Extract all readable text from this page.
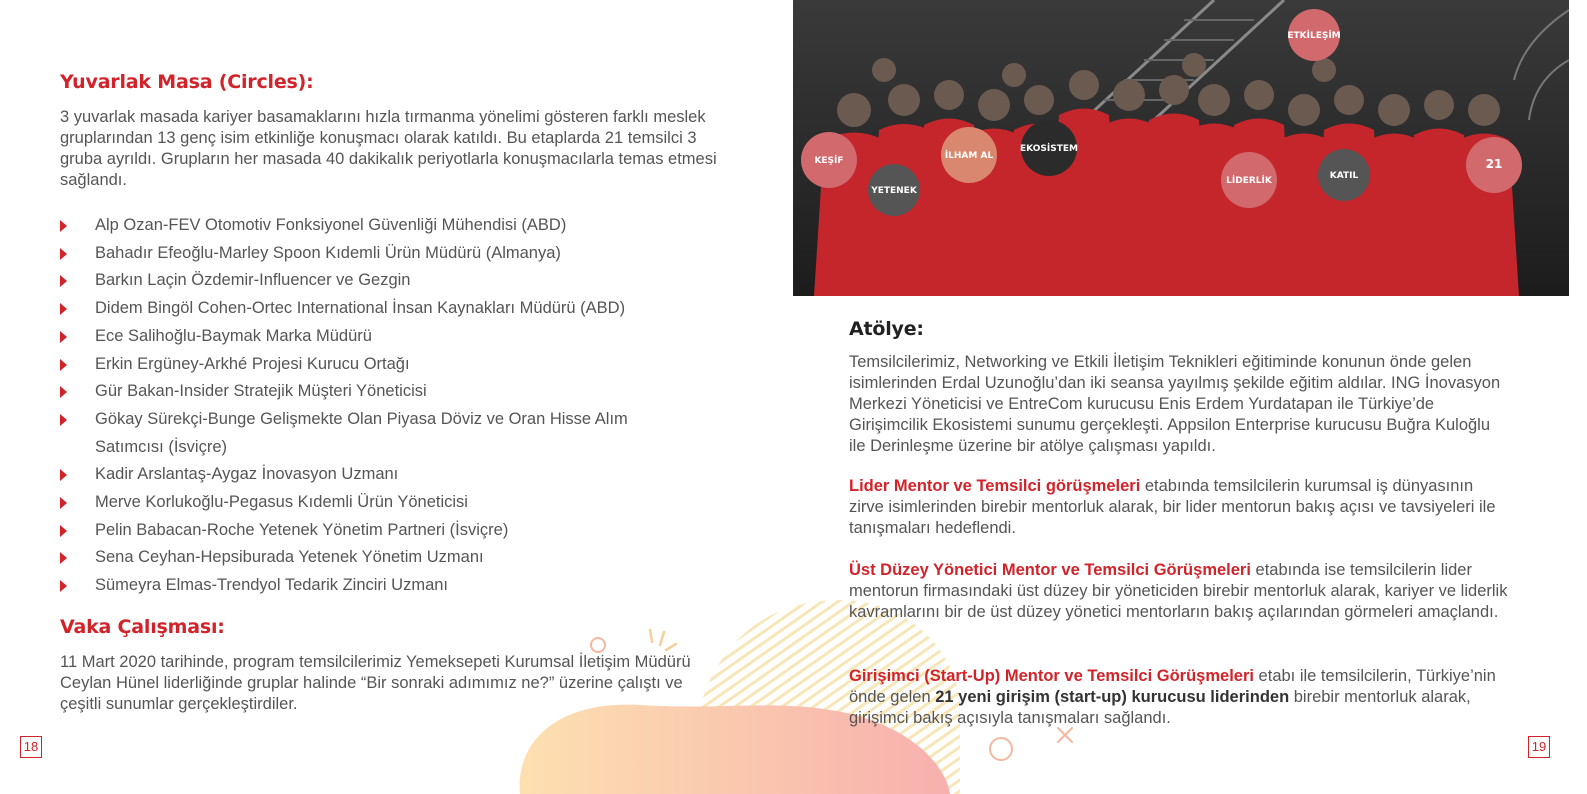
Yuvarlak Masa (Circles):

3 yuvarlak masada kariyer basamaklarını hızla tırmanma yönelimi gösteren farklı meslek gruplarından 13 genç isim etkinliğe konuşmacı olarak katıldı. Bu etaplarda 21 temsilci 3 gruba ayrıldı. Grupların her masada 40 dakikalık periyotlarla konuşmacılarla temas etmesi sağlandı.

Alp Ozan-FEV Otomotiv Fonksiyonel Güvenliği Mühendisi (ABD)
Bahadır Efeoğlu-Marley Spoon Kıdemli Ürün Müdürü (Almanya)
Barkın Laçin Özdemir-Influencer ve Gezgin
Didem Bingöl Cohen-Ortec International İnsan Kaynakları Müdürü (ABD)
Ece Salihoğlu-Baymak Marka Müdürü
Erkin Ergüney-Arkhé Projesi Kurucu Ortağı
Gür Bakan-Insider Stratejik Müşteri Yöneticisi
Gökay Sürekçi-Bunge Gelişmekte Olan Piyasa Döviz ve Oran Hisse Alım Satımcısı (İsviçre)
Kadir Arslantaş-Aygaz İnovasyon Uzmanı
Merve Korlukoğlu-Pegasus Kıdemli Ürün Yöneticisi
Pelin Babacan-Roche Yetenek Yönetim Partneri (İsviçre)
Sena Ceyhan-Hepsiburada Yetenek Yönetim Uzmanı
Sümeyra Elmas-Trendyol Tedarik Zinciri Uzmanı
Vaka Çalışması:

11 Mart 2020 tarihinde, program temsilcilerimiz Yemeksepeti Kurumsal İletişim Müdürü Ceylan Hünel liderliğinde gruplar halinde “Bir sonraki adımımız ne?” üzerine çalıştı ve çeşitli sunumlar gerçekleştirdiler.

18
KEŞİF
YETENEK
İLHAM AL
EKOSİSTEM
LİDERLİK	KATIL
ETKİLEŞİM
21
Atölye:

Temsilcilerimiz, Networking ve Etkili İletişim Teknikleri eğitiminde konunun önde gelen isimlerinden Erdal Uzunoğlu’dan iki seansa yayılmış şekilde eğitim aldılar. ING İnovasyon Merkezi Yöneticisi ve EntreCom kurucusu Enis Erdem Yurdatapan ile Türkiye’de Girişimcilik Ekosistemi sunumu gerçekleşti. Appsilon Enterprise kurucusu Buğra Kuloğlu ile Derinleşme üzerine bir atölye çalışması yapıldı.

Lider Mentor ve Temsilci görüşmeleri etabında temsilcilerin kurumsal iş dünyasının zirve isimlerinden birebir mentorluk alarak, bir lider mentorun bakış açısı ve tavsiyeleri ile tanışmaları hedeflendi.

Üst Düzey Yönetici Mentor ve Temsilci Görüşmeleri etabında ise temsilcilerin lider mentorun firmasındaki üst düzey bir yöneticiden birebir mentorluk alarak, kariyer ve liderlik kavramlarını bir de üst düzey yönetici mentorların bakış açılarından görmeleri amaçlandı.

Girişimci (Start-Up) Mentor ve Temsilci Görüşmeleri etabı ile temsilcilerin, Türkiye’nin önde gelen 21 yeni girişim (start-up) kurucusu liderinden birebir mentorluk alarak, girişimci bakış açısıyla tanışmaları sağlandı.

19
